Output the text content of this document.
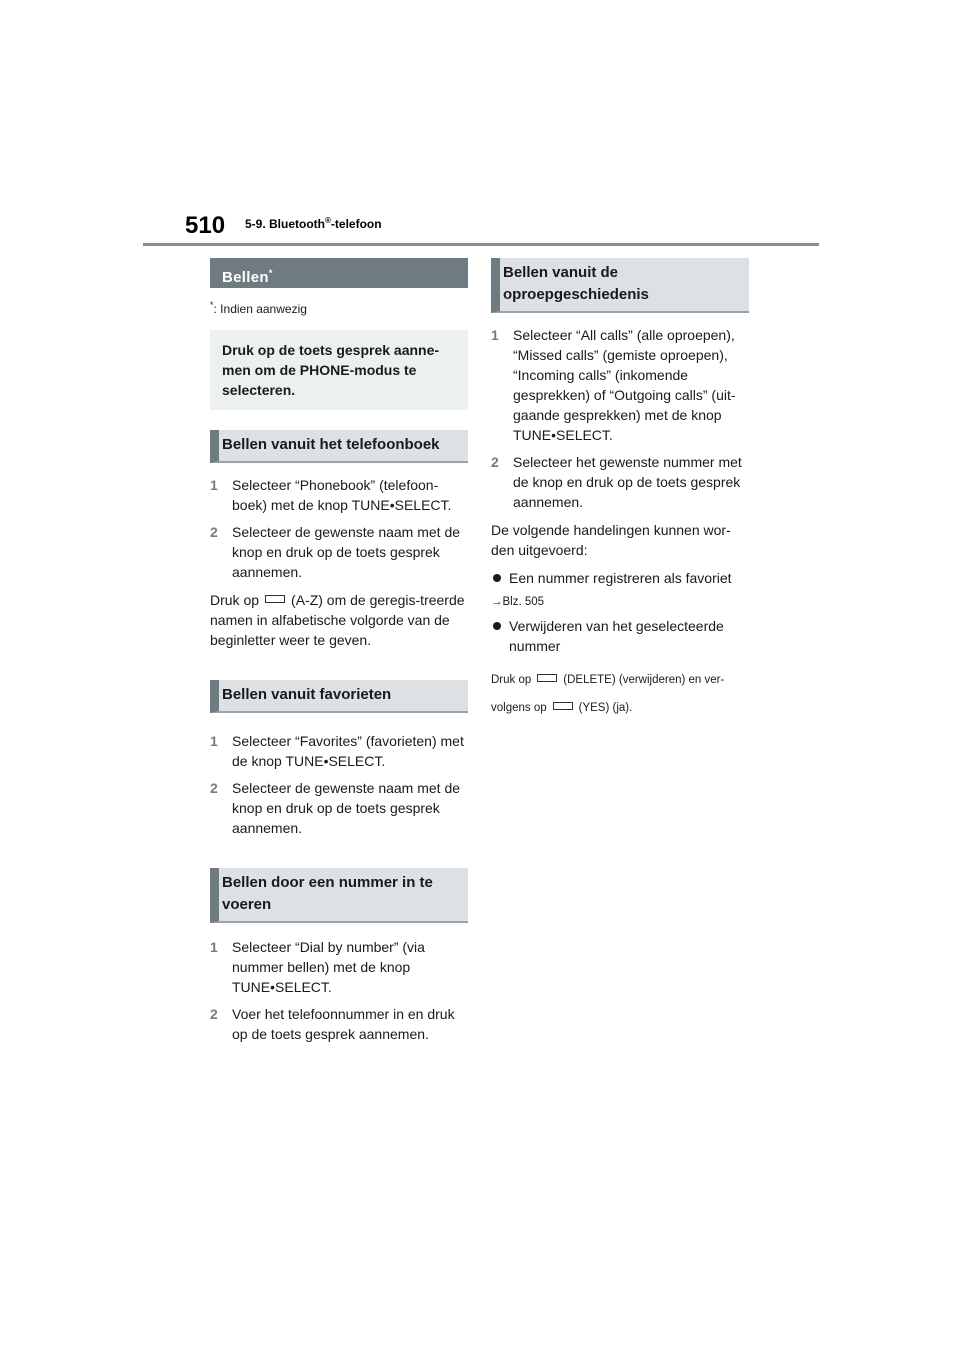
510 5-9. Bluetooth®-telefoon
Bellen*

*: Indien aanwezig

Druk op de toets gesprek aanne-men om de PHONE-modus te selecteren.
Bellen vanuit het telefoonboek
1 Selecteer “Phonebook” (telefoon-boek) met de knop TUNE•SELECT.
2 Selecteer de gewenste naam met de knop en druk op de toets gesprek aannemen.

Druk op (A-Z) om de geregis-treerde namen in alfabetische volgorde van de beginletter weer te geven.

Bellen vanuit favorieten
1 Selecteer “Favorites” (favorieten) met de knop TUNE•SELECT.
2 Selecteer de gewenste naam met de knop en druk op de toets gesprek aannemen.
Bellen door een nummer in te voeren
1 Selecteer “Dial by number” (via nummer bellen) met de knop TUNE•SELECT.
2 Voer het telefoonnummer in en druk op de toets gesprek aannemen.
Bellen vanuit de oproepgeschiedenis
1 Selecteer “All calls” (alle oproepen), “Missed calls” (gemiste oproepen), “Incoming calls” (inkomende gesprekken) of “Outgoing calls” (uit-gaande gesprekken) met de knop TUNE•SELECT.
2 Selecteer het gewenste nummer met de knop en druk op de toets gesprek aannemen.

De volgende handelingen kunnen wor-den uitgevoerd:

Een nummer registreren als favoriet

→Blz. 505

Verwijderen van het geselecteerde nummer

Druk op	(DELETE) (verwijderen) en ver-

volgens op	(YES) (ja).
